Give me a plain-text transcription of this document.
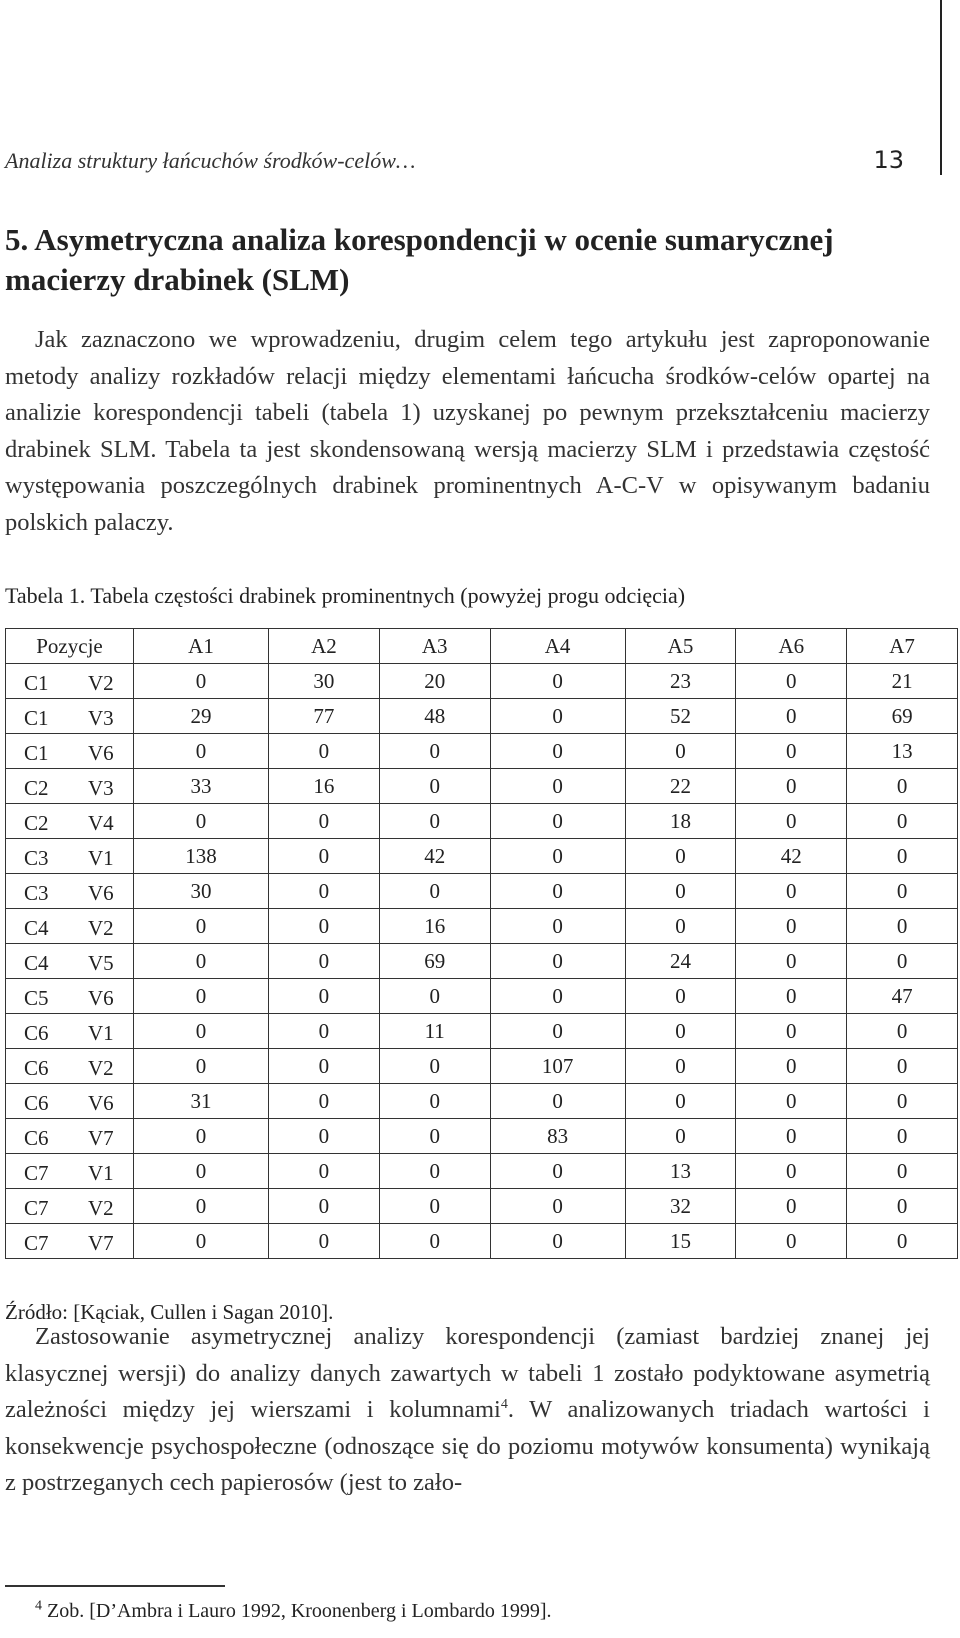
Analiza struktury łańcuchów środków-celów…	13
5. Asymetryczna analiza korespondencji w ocenie sumarycznej macierzy drabinek (SLM)

Jak zaznaczono we wprowadzeniu, drugim celem tego artykułu jest zaproponowanie metody analizy rozkładów relacji między elementami łańcucha środków-celów opartej na analizie korespondencji tabeli (tabela 1) uzyskanej po pewnym przekształceniu macierzy drabinek SLM. Tabela ta jest skondensowaną wersją macierzy SLM i przedstawia częstość występowania poszczególnych drabinek prominentnych A-C-V w opisywanym badaniu polskich palaczy.

Tabela 1. Tabela częstości drabinek prominentnych (powyżej progu odcięcia)
Pozycje	A1	A2	A3	A4	A5	A6	A7

C1 V2	0	30	20	0	23	0	21

C1 V3	29	77	48	0	52	0	69

C1 V6	0	0	0	0	0	0	13

C2 V3	33	16	0	0	22	0	0

C2 V4	0	0	0	0	18	0	0

C3 V1	138	0	42	0	0	42	0

C3 V6	30	0	0	0	0	0	0

C4 V2	0	0	16	0	0	0	0

C4 V5	0	0	69	0	24	0	0

C5 V6	0	0	0	0	0	0	47

C6 V1	0	0	11	0	0	0	0

C6 V2	0	0	0	107	0	0	0

C6 V6	31	0	0	0	0	0	0

C6 V7	0	0	0	83	0	0	0

C7 V1	0	0	0	0	13	0	0

C7 V2	0	0	0	0	32	0	0

C7 V7	0	0	0	0	15	0	0
Źródło: [Kąciak, Cullen i Sagan 2010].

Zastosowanie asymetrycznej analizy korespondencji (zamiast bardziej znanej jej klasycznej wersji) do analizy danych zawartych w tabeli 1 zostało podyktowane asymetrią zależności między jej wierszami i kolumnami$^4$. W analizowanych triadach wartości i konsekwencje psychospołeczne (odnoszące się do poziomu motywów konsumenta) wynikają z postrzeganych cech papierosów (jest to zało-

$^4$ Zob. [D’Ambra i Lauro 1992, Kroonenberg i Lombardo 1999].
